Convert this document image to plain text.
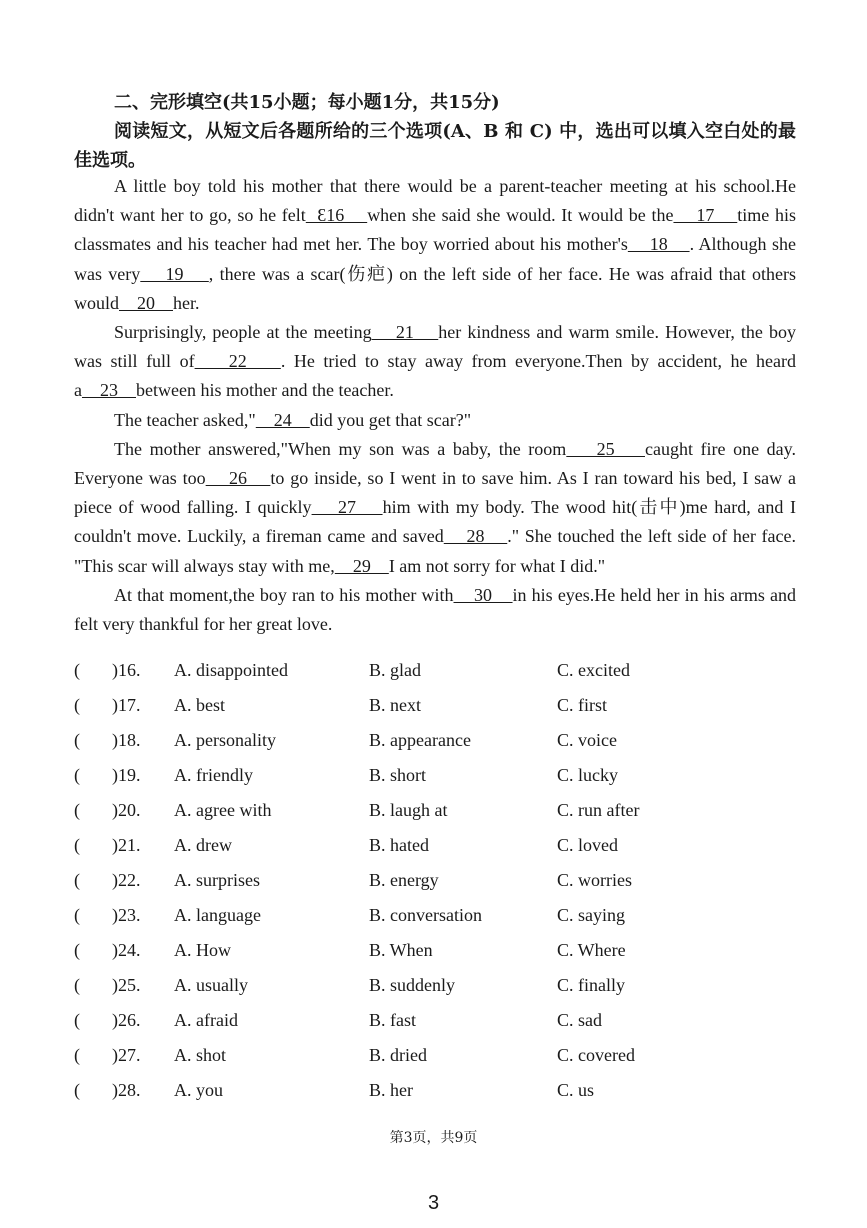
二、完形填空(共15小题；每小题1分，共15分)
阅读短文，从短文后各题所给的三个选项(A、B 和 C) 中，选出可以填入空白处的最佳选项。

A little boy told his mother that there would be a parent-teacher meeting at his school.He didn't want her to go, so he felt  Ɛ16    when she said she would. It would be the    17    time his classmates and his teacher had met her. The boy worried about his mother's    18    . Although she was very    19    , there was a scar(伤疤) on the left side of her face. He was afraid that others would    20    her.

Surprisingly, people at the meeting    21    her kindness and warm smile. However, the boy was still full of    22    . He tried to stay away from everyone.Then by accident, he heard a    23    between his mother and the teacher.

The teacher asked,"    24    did you get that scar?"

The mother answered,"When my son was a baby, the room    25    caught fire one day. Everyone was too    26    to go inside, so I went in to save him. As I ran toward his bed, I saw a piece of wood falling. I quickly    27    him with my body. The wood hit(击中)me hard, and I couldn't move. Luckily, a fireman came and saved    28    ." She touched the left side of her face. "This scar will always stay with me,    29    I am not sorry for what I did."

At that moment,the boy ran to his mother with    30    in his eyes.He held her in his arms and felt very thankful for her great love.

( )16. A. disappointed	B. glad	C. excited
( )17. A. best	B. next	C. first
( )18. A. personality	B. appearance	C. voice
( )19. A. friendly	B. short	C. lucky
( )20. A. agree with	B. laugh at	C. run after
( )21. A. drew	B. hated	C. loved
( )22. A. surprises	B. energy	C. worries
( )23. A. language	B. conversation	C. saying
( )24. A. How	B. When	C. Where
( )25. A. usually	B. suddenly	C. finally
( )26. A. afraid	B. fast	C. sad
( )27. A. shot	B. dried	C. covered
( )28. A. you	B. her	C. us
第3页，共9页
3
